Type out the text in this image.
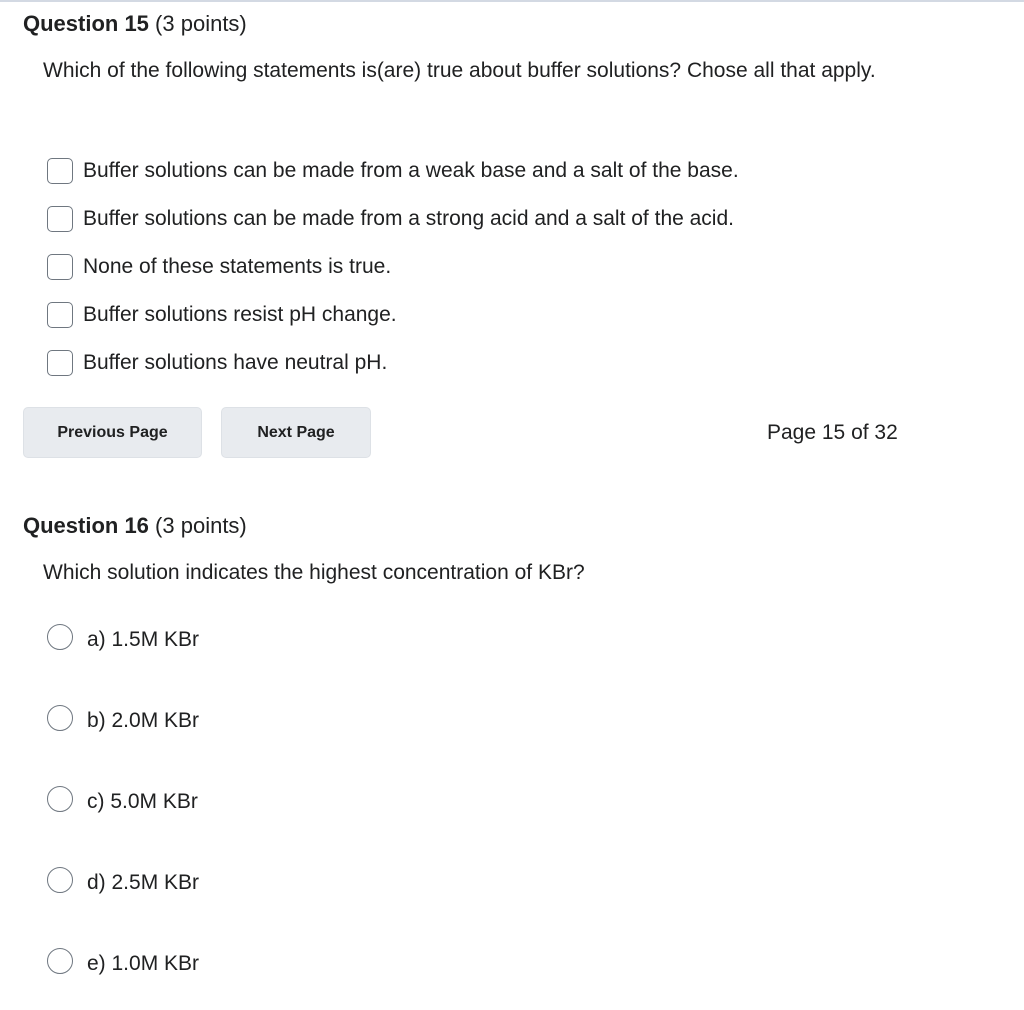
Question 15 (3 points)
Which of the following statements is(are) true about buffer solutions? Chose all that apply.
Buffer solutions can be made from a weak base and a salt of the base.
Buffer solutions can be made from a strong acid and a salt of the acid.
None of these statements is true.
Buffer solutions resist pH change.
Buffer solutions have neutral pH.
Previous Page	Next Page	Page 15 of 32
Question 16 (3 points)
Which solution indicates the highest concentration of KBr?
a) 1.5M KBr
b) 2.0M KBr
c) 5.0M KBr
d) 2.5M KBr
e) 1.0M KBr
